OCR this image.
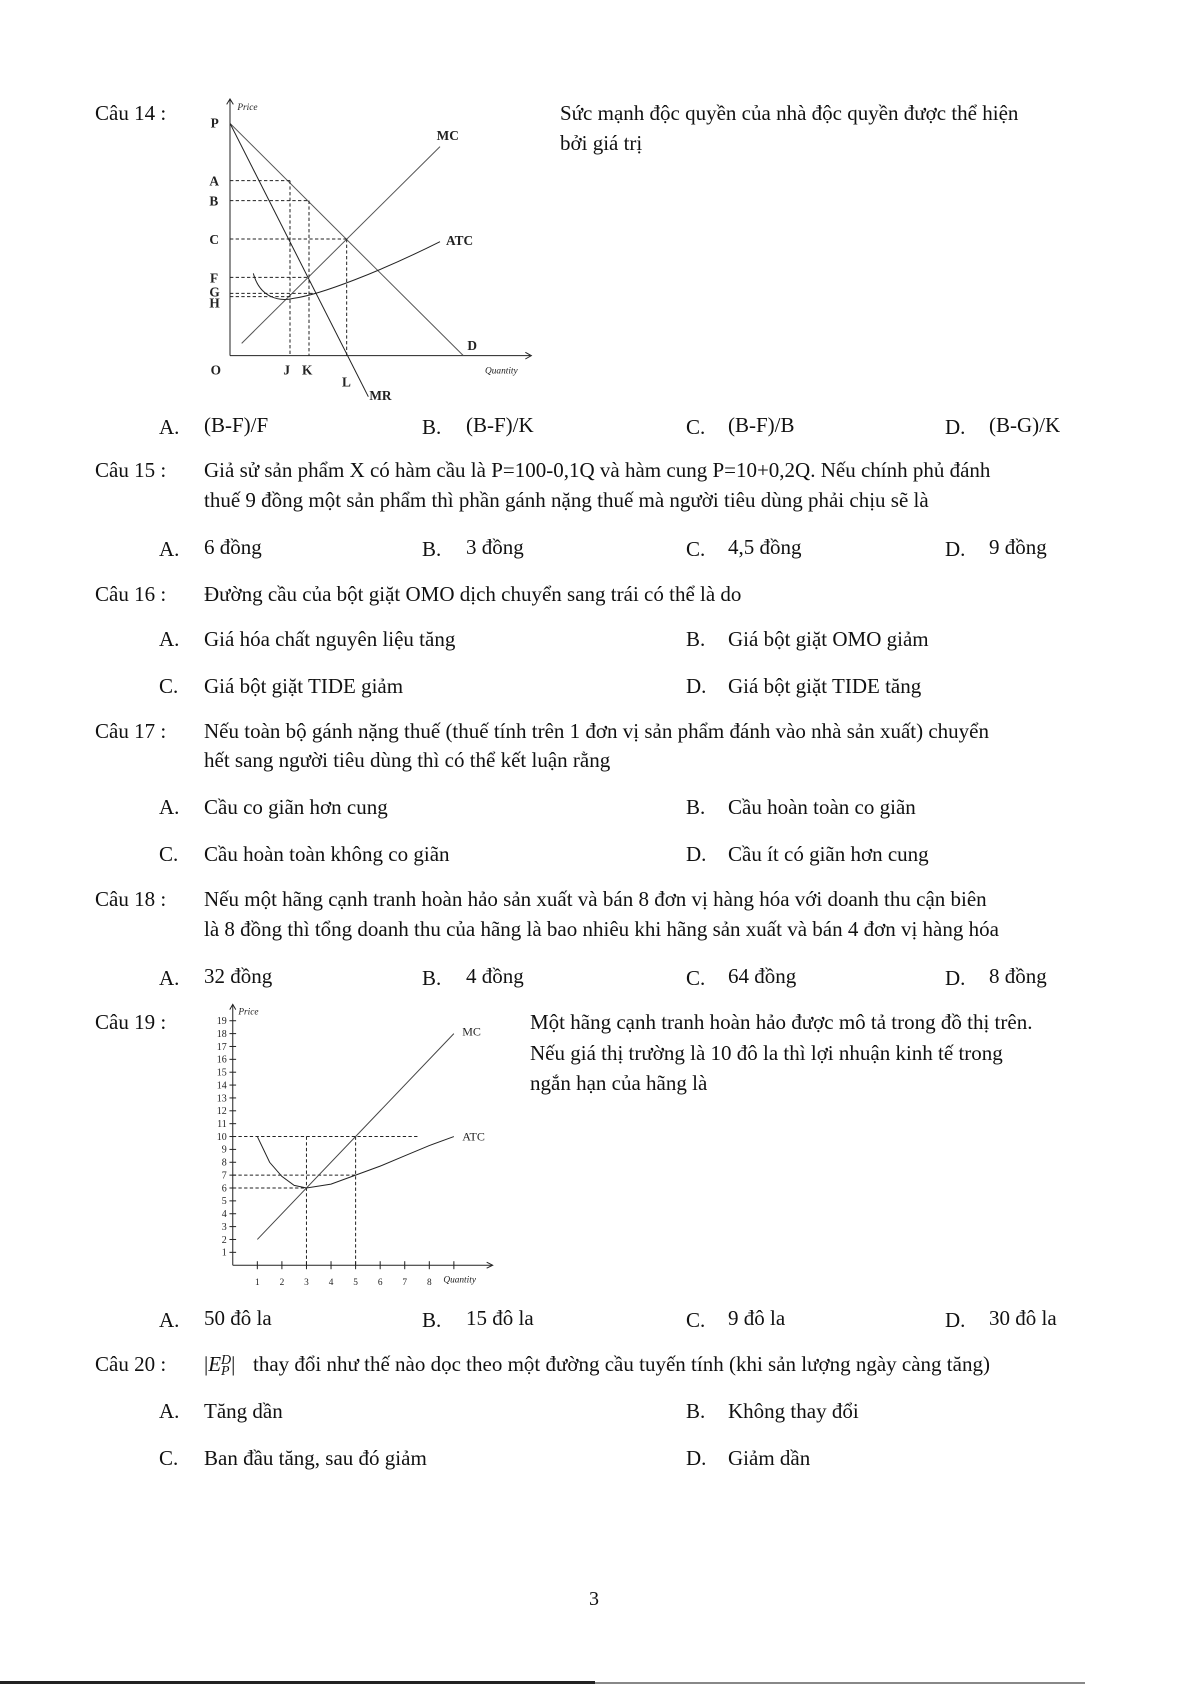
Câu 14 :	Sức mạnh độc quyền của nhà độc quyền được thể hiện
bởi giá trị
A. (B-F)/F	B. (B-F)/K	C. (B-F)/B	D. (B-G)/K
Câu 15 : Giả sử sản phẩm X có hàm cầu là P=100-0,1Q và hàm cung P=10+0,2Q. Nếu chính phủ đánh
thuế 9 đồng một sản phẩm thì phần gánh nặng thuế mà người tiêu dùng phải chịu sẽ là
A. 6 đồng	B. 3 đồng	C. 4,5 đồng	D. 9 đồng
Câu 16 : Đường cầu của bột giặt OMO dịch chuyển sang trái có thể là do
A. Giá hóa chất nguyên liệu tăng	B. Giá bột giặt OMO giảm
C. Giá bột giặt TIDE giảm	D. Giá bột giặt TIDE tăng
Câu 17 : Nếu toàn bộ gánh nặng thuế (thuế tính trên 1 đơn vị sản phẩm đánh vào nhà sản xuất) chuyển
hết sang người tiêu dùng thì có thể kết luận rằng
A. Cầu co giãn hơn cung	B. Cầu hoàn toàn co giãn
C. Cầu hoàn toàn không co giãn	D. Cầu ít có giãn hơn cung
Câu 18 : Nếu một hãng cạnh tranh hoàn hảo sản xuất và bán 8 đơn vị hàng hóa với doanh thu cận biên
là 8 đồng thì tổng doanh thu của hãng là bao nhiêu khi hãng sản xuất và bán 4 đơn vị hàng hóa
A. 32 đồng	B. 4 đồng	C. 64 đồng	D. 8 đồng
Câu 19 :	Một hãng cạnh tranh hoàn hảo được mô tả trong đồ thị trên.
Nếu giá thị trường là 10 đô la thì lợi nhuận kinh tế trong
ngắn hạn của hãng là
A. 50 đô la	B. 15 đô la	C. 9 đô la	D. 30 đô la
Câu 20 : |E D
P | thay đổi như thế nào dọc theo một đường cầu tuyến tính (khi sản lượng ngày càng tăng)
A. Tăng dần	B. Không thay đổi
C. Ban đầu tăng, sau đó giảm	D. Giảm dần
P
A
B
C
F
G
H
O J K
L
MC
ATC
D
MR
Price
Quantity
Price
Quantity
1
2
3
4
5
6
7
8
9
10
11
12
13
14
15
16
17
18
19
1 2 3 4 5 6 7 8
MC
ATC
3
